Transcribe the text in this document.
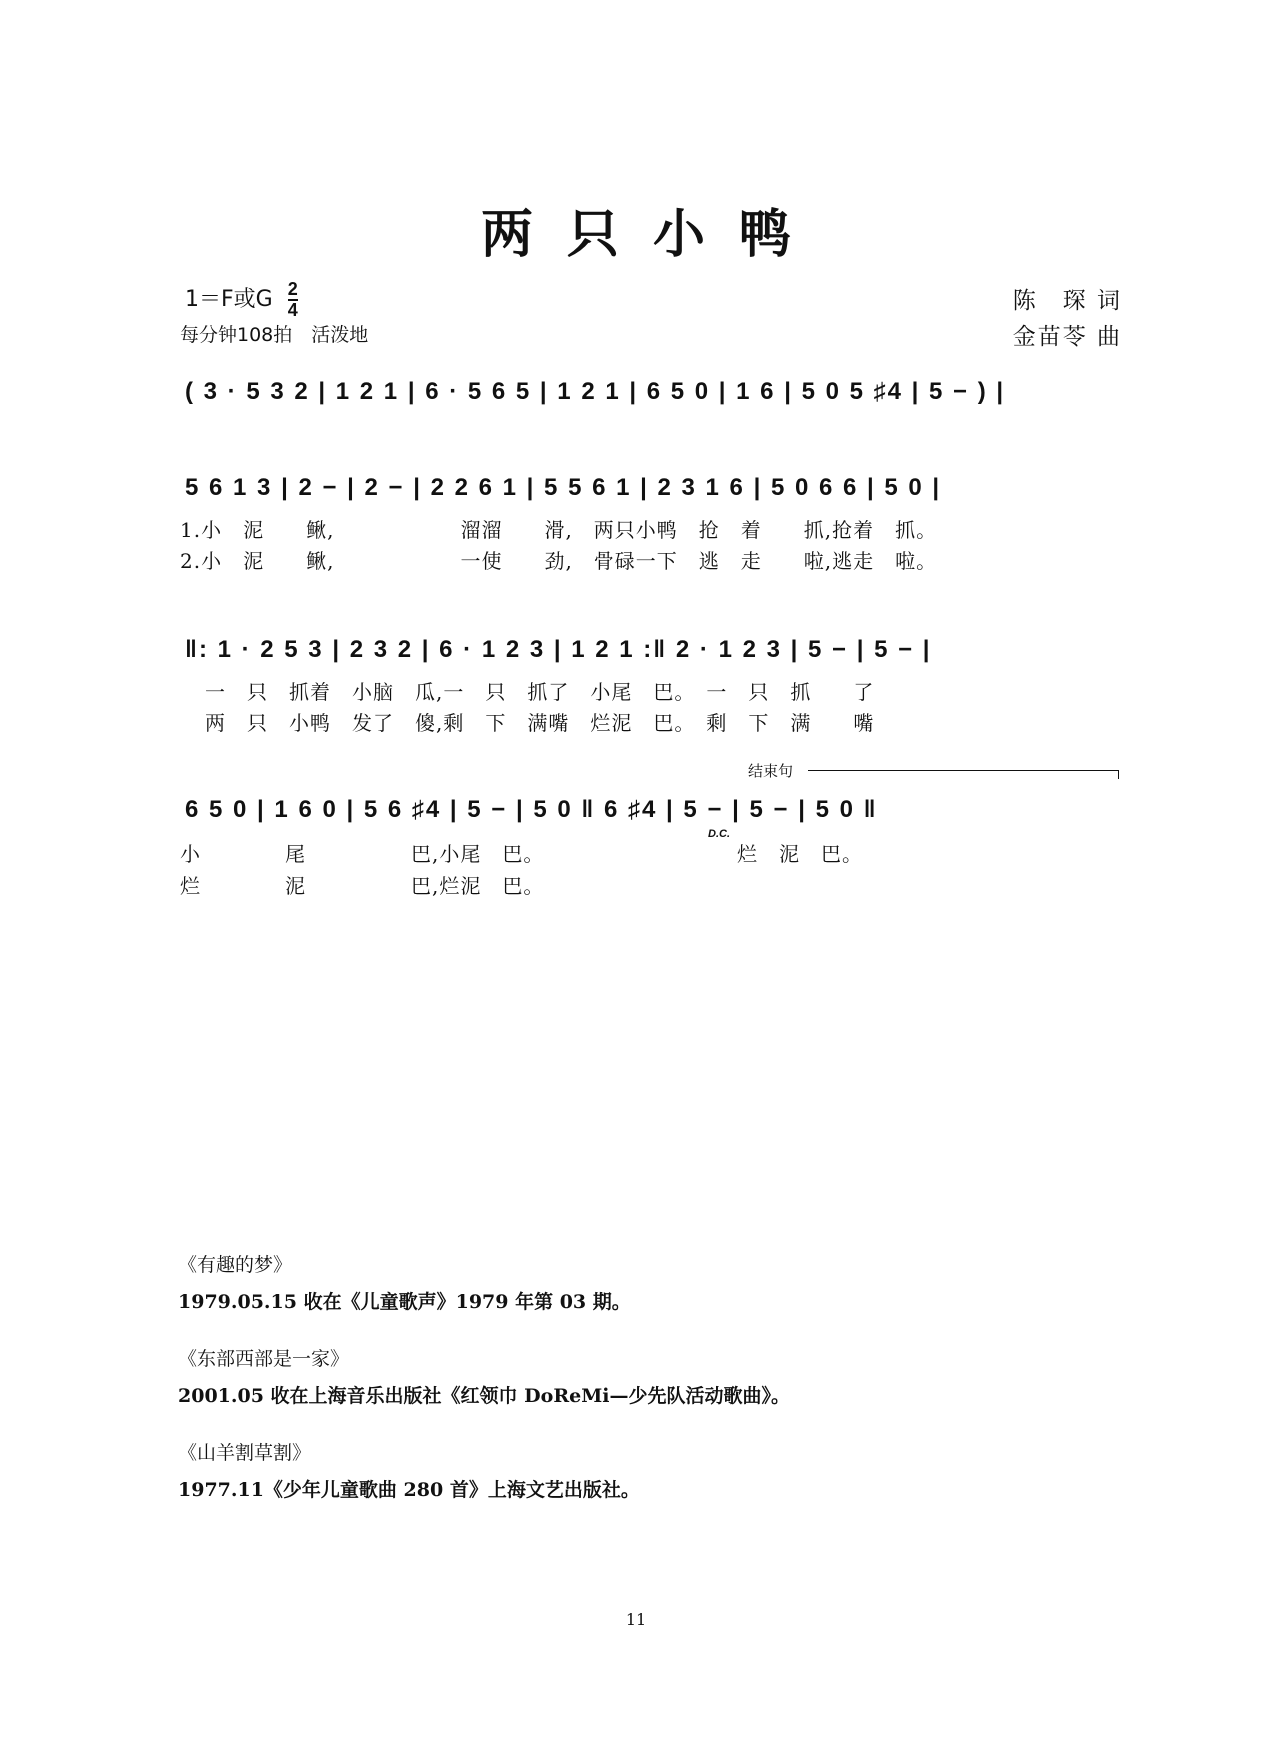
两只小鸭
1＝F或G $\frac{2}{4}$
每分钟108拍　活泼地
陈　琛 词
金苗苓 曲
( 3 · 5 3 2 | 1 2 1 | 6 · 5 6 5 | 1 2 1 | 6 5 0 | 1 6 | 5 0 5 ♯4 | 5 − ) |
5 6 1 3 | 2 − | 2 − | 2 2 6 1 | 5 5 6 1 | 2 3 1 6 | 5 0 6 6 | 5 0 |
1.小　泥　　鳅,　　　　　　溜溜　　滑,　两只小鸭　抢　着　　抓,抢着　抓。
2.小　泥　　鳅,　　　　　　一使　　劲,　骨碌一下　逃　走　　啦,逃走　啦。
‖: 1 · 2 5 3 | 2 3 2 | 6 · 1 2 3 | 1 2 1 :‖ 2 · 1 2 3 | 5 − | 5 − |
一　只　抓着　小脑　瓜,一　只　抓了　小尾　巴。　一　只　抓　　了
两　只　小鸭　发了　傻,剩　下　满嘴　烂泥　巴。　剩　下　满　　嘴
结束句
6 5 0 | 1 6 0 | 5 6 ♯4 | 5 − | 5 0 ‖ 6 ♯4 | 5 − | 5 − | 5 0 ‖
小　　　　尾　　　　　巴,小尾　巴。
烂　　　　泥　　　　　巴,烂泥　巴。
D.C.
烂　泥　巴。
《有趣的梦》
1979.05.15 收在《儿童歌声》1979 年第 03 期。
《东部西部是一家》
2001.05 收在上海音乐出版社《红领巾 DoReMi—少先队活动歌曲》。
《山羊割草割》
1977.11《少年儿童歌曲 280 首》上海文艺出版社。
11
